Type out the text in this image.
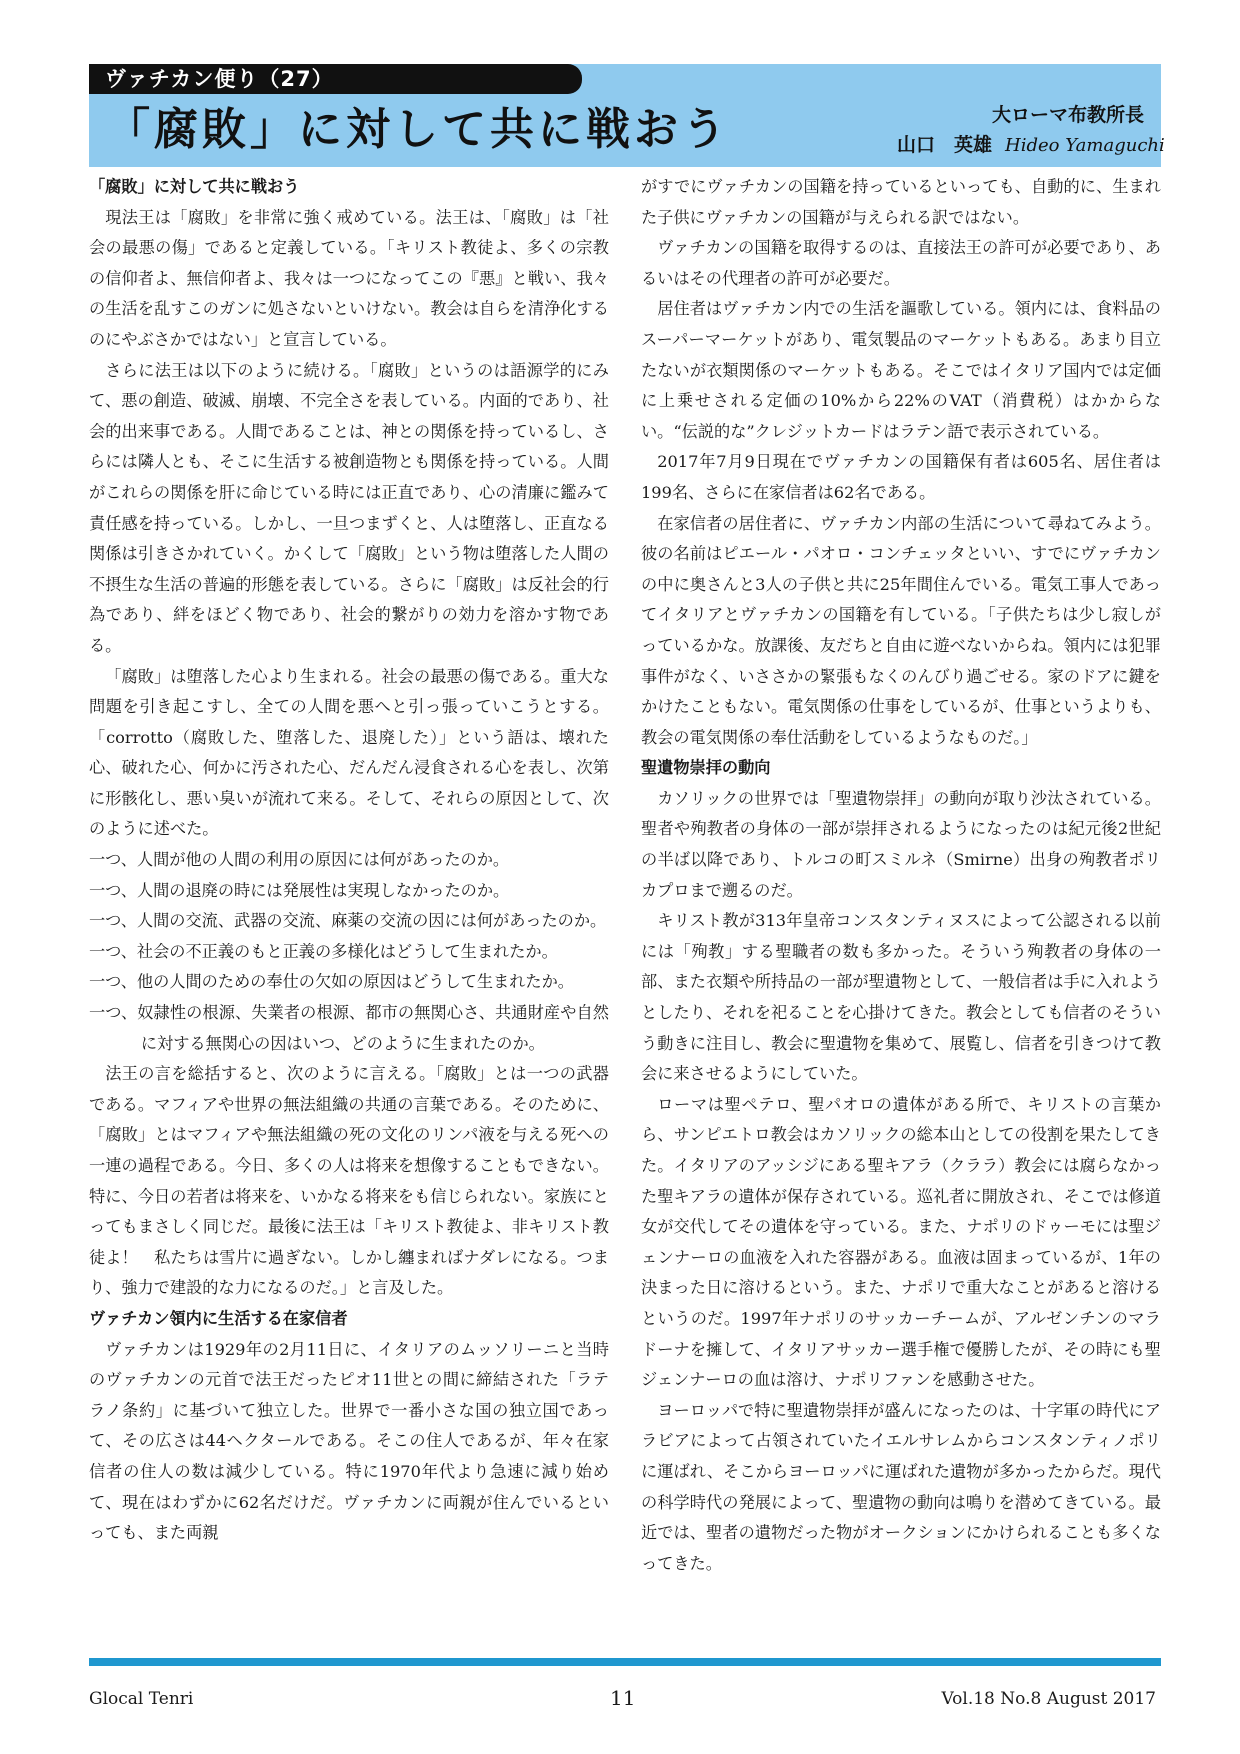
ヴァチカン便り（27）
「腐敗」に対して共に戦おう	大ローマ布教所長
山口　英雄 Hideo Yamaguchi
「腐敗」に対して共に戦おう

現法王は「腐敗」を非常に強く戒めている。法王は、「腐敗」は「社会の最悪の傷」であると定義している。「キリスト教徒よ、多くの宗教の信仰者よ、無信仰者よ、我々は一つになってこの『悪』と戦い、我々の生活を乱すこのガンに処さないといけない。教会は自らを清浄化するのにやぶさかではない」と宣言している。

さらに法王は以下のように続ける。「腐敗」というのは語源学的にみて、悪の創造、破滅、崩壊、不完全さを表している。内面的であり、社会的出来事である。人間であることは、神との関係を持っているし、さらには隣人とも、そこに生活する被創造物とも関係を持っている。人間がこれらの関係を肝に命じている時には正直であり、心の清廉に鑑みて責任感を持っている。しかし、一旦つまずくと、人は堕落し、正直なる関係は引きさかれていく。かくして「腐敗」という物は堕落した人間の不摂生な生活の普遍的形態を表している。さらに「腐敗」は反社会的行為であり、絆をほどく物であり、社会的繋がりの効力を溶かす物である。

「腐敗」は堕落した心より生まれる。社会の最悪の傷である。重大な問題を引き起こすし、全ての人間を悪へと引っ張っていこうとする。「corrotto（腐敗した、堕落した、退廃した）」という語は、壊れた心、破れた心、何かに汚された心、だんだん浸食される心を表し、次第に形骸化し、悪い臭いが流れて来る。そして、それらの原因として、次のように述べた。

一つ、人間が他の人間の利用の原因には何があったのか。

一つ、人間の退廃の時には発展性は実現しなかったのか。

一つ、人間の交流、武器の交流、麻薬の交流の因には何があったのか。

一つ、社会の不正義のもと正義の多様化はどうして生まれたか。

一つ、他の人間のための奉仕の欠如の原因はどうして生まれたか。

一つ、奴隷性の根源、失業者の根源、都市の無関心さ、共通財産や自然に対する無関心の因はいつ、どのように生まれたのか。

法王の言を総括すると、次のように言える。「腐敗」とは一つの武器である。マフィアや世界の無法組織の共通の言葉である。そのために、「腐敗」とはマフィアや無法組織の死の文化のリンパ液を与える死への一連の過程である。今日、多くの人は将来を想像することもできない。特に、今日の若者は将来を、いかなる将来をも信じられない。家族にとってもまさしく同じだ。最後に法王は「キリスト教徒よ、非キリスト教徒よ！　私たちは雪片に過ぎない。しかし纏まればナダレになる。つまり、強力で建設的な力になるのだ。」と言及した。

ヴァチカン領内に生活する在家信者

ヴァチカンは1929年の2月11日に、イタリアのムッソリーニと当時のヴァチカンの元首で法王だったピオ11世との間に締結された「ラテラノ条約」に基づいて独立した。世界で一番小さな国の独立国であって、その広さは44ヘクタールである。そこの住人であるが、年々在家信者の住人の数は減少している。特に1970年代より急速に減り始めて、現在はわずかに62名だけだ。ヴァチカンに両親が住んでいるといっても、また両親

がすでにヴァチカンの国籍を持っているといっても、自動的に、生まれた子供にヴァチカンの国籍が与えられる訳ではない。

ヴァチカンの国籍を取得するのは、直接法王の許可が必要であり、あるいはその代理者の許可が必要だ。

居住者はヴァチカン内での生活を謳歌している。領内には、食料品のスーパーマーケットがあり、電気製品のマーケットもある。あまり目立たないが衣類関係のマーケットもある。そこではイタリア国内では定価に上乗せされる定価の10%から22%のVAT（消費税）はかからない。“伝説的な”クレジットカードはラテン語で表示されている。

2017年7月9日現在でヴァチカンの国籍保有者は605名、居住者は199名、さらに在家信者は62名である。

在家信者の居住者に、ヴァチカン内部の生活について尋ねてみよう。彼の名前はピエール・パオロ・コンチェッタといい、すでにヴァチカンの中に奥さんと3人の子供と共に25年間住んでいる。電気工事人であってイタリアとヴァチカンの国籍を有している。「子供たちは少し寂しがっているかな。放課後、友だちと自由に遊べないからね。領内には犯罪事件がなく、いささかの緊張もなくのんびり過ごせる。家のドアに鍵をかけたこともない。電気関係の仕事をしているが、仕事というよりも、教会の電気関係の奉仕活動をしているようなものだ。」

聖遺物崇拝の動向

カソリックの世界では「聖遺物崇拝」の動向が取り沙汰されている。聖者や殉教者の身体の一部が崇拝されるようになったのは紀元後2世紀の半ば以降であり、トルコの町スミルネ（Smirne）出身の殉教者ポリカプロまで遡るのだ。

キリスト教が313年皇帝コンスタンティヌスによって公認される以前には「殉教」する聖職者の数も多かった。そういう殉教者の身体の一部、また衣類や所持品の一部が聖遺物として、一般信者は手に入れようとしたり、それを祀ることを心掛けてきた。教会としても信者のそういう動きに注目し、教会に聖遺物を集めて、展覧し、信者を引きつけて教会に来させるようにしていた。

ローマは聖ペテロ、聖パオロの遺体がある所で、キリストの言葉から、サンピエトロ教会はカソリックの総本山としての役割を果たしてきた。イタリアのアッシジにある聖キアラ（クララ）教会には腐らなかった聖キアラの遺体が保存されている。巡礼者に開放され、そこでは修道女が交代してその遺体を守っている。また、ナポリのドゥーモには聖ジェンナーロの血液を入れた容器がある。血液は固まっているが、1年の決まった日に溶けるという。また、ナポリで重大なことがあると溶けるというのだ。1997年ナポリのサッカーチームが、アルゼンチンのマラドーナを擁して、イタリアサッカー選手権で優勝したが、その時にも聖ジェンナーロの血は溶け、ナポリファンを感動させた。

ヨーロッパで特に聖遺物崇拝が盛んになったのは、十字軍の時代にアラビアによって占領されていたイエルサレムからコンスタンティノポリに運ばれ、そこからヨーロッパに運ばれた遺物が多かったからだ。現代の科学時代の発展によって、聖遺物の動向は鳴りを潜めてきている。最近では、聖者の遺物だった物がオークションにかけられることも多くなってきた。

Glocal Tenri	11	Vol.18 No.8 August 2017
